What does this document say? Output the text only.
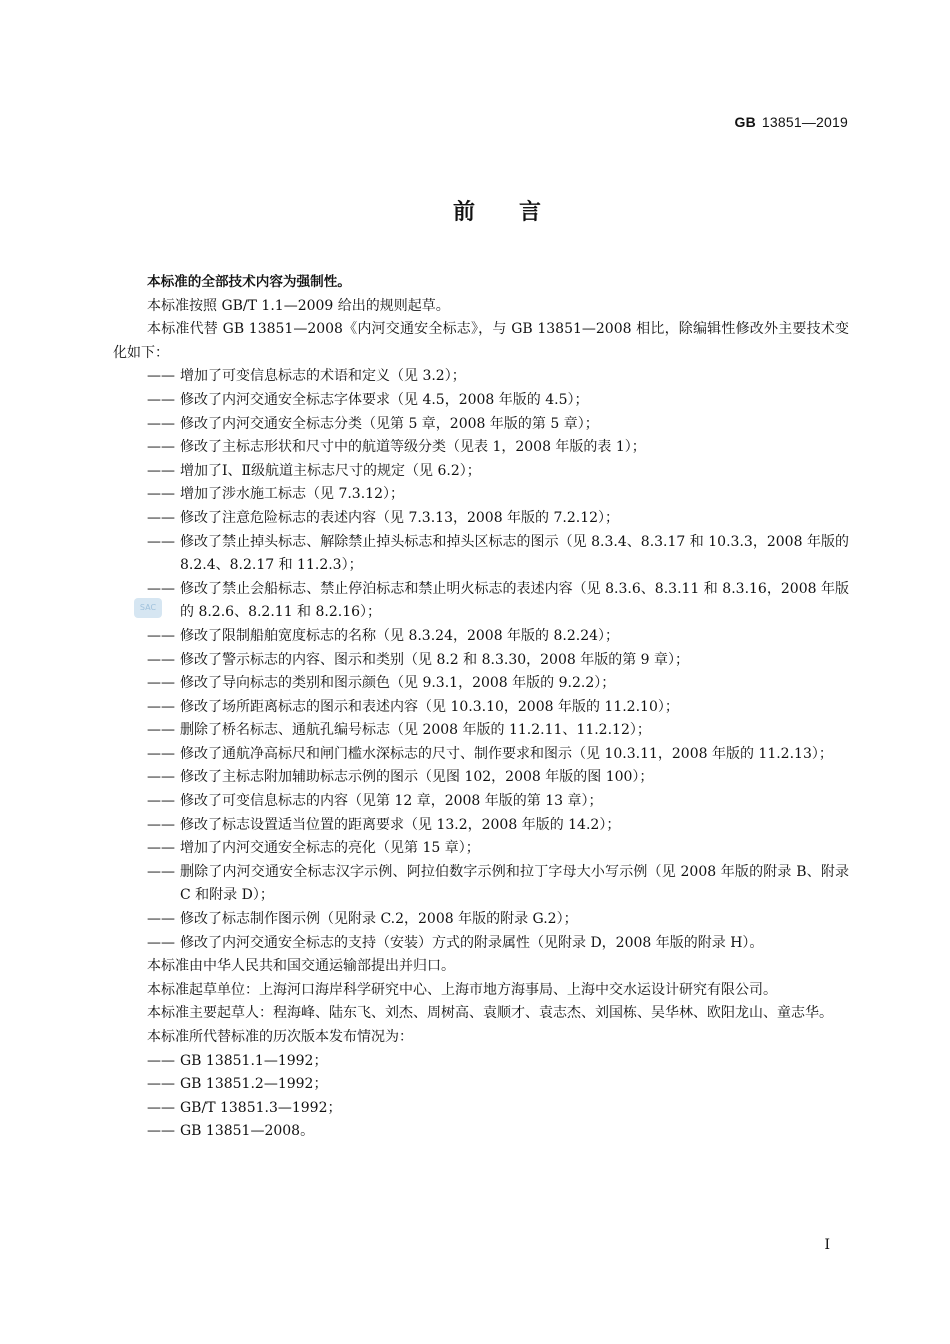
GB 13851—2019
前言
SAC

本标准的全部技术内容为强制性。

本标准按照 GB/T 1.1—2009 给出的规则起草。

本标准代替 GB 13851—2008《内河交通安全标志》，与 GB 13851—2008 相比，除编辑性修改外主要技术变化如下：

—— 增加了可变信息标志的术语和定义（见 3.2）；

—— 修改了内河交通安全标志字体要求（见 4.5，2008 年版的 4.5）；

—— 修改了内河交通安全标志分类（见第 5 章，2008 年版的第 5 章）；

—— 修改了主标志形状和尺寸中的航道等级分类（见表 1，2008 年版的表 1）；

—— 增加了Ⅰ、Ⅱ级航道主标志尺寸的规定（见 6.2）；

—— 增加了涉水施工标志（见 7.3.12）；

—— 修改了注意危险标志的表述内容（见 7.3.13，2008 年版的 7.2.12）；

—— 修改了禁止掉头标志、解除禁止掉头标志和掉头区标志的图示（见 8.3.4、8.3.17 和 10.3.3，2008 年版的 8.2.4、8.2.17 和 11.2.3）；

—— 修改了禁止会船标志、禁止停泊标志和禁止明火标志的表述内容（见 8.3.6、8.3.11 和 8.3.16，2008 年版的 8.2.6、8.2.11 和 8.2.16）；

—— 修改了限制船舶宽度标志的名称（见 8.3.24，2008 年版的 8.2.24）；

—— 修改了警示标志的内容、图示和类别（见 8.2 和 8.3.30，2008 年版的第 9 章）；

—— 修改了导向标志的类别和图示颜色（见 9.3.1，2008 年版的 9.2.2）；

—— 修改了场所距离标志的图示和表述内容（见 10.3.10，2008 年版的 11.2.10）；

—— 删除了桥名标志、通航孔编号标志（见 2008 年版的 11.2.11、11.2.12）；

—— 修改了通航净高标尺和闸门槛水深标志的尺寸、制作要求和图示（见 10.3.11，2008 年版的 11.2.13）；

—— 修改了主标志附加辅助标志示例的图示（见图 102，2008 年版的图 100）；

—— 修改了可变信息标志的内容（见第 12 章，2008 年版的第 13 章）；

—— 修改了标志设置适当位置的距离要求（见 13.2，2008 年版的 14.2）；

—— 增加了内河交通安全标志的亮化（见第 15 章）；

—— 删除了内河交通安全标志汉字示例、阿拉伯数字示例和拉丁字母大小写示例（见 2008 年版的附录 B、附录 C 和附录 D）；

—— 修改了标志制作图示例（见附录 C.2，2008 年版的附录 G.2）；

—— 修改了内河交通安全标志的支持（安装）方式的附录属性（见附录 D，2008 年版的附录 H）。

本标准由中华人民共和国交通运输部提出并归口。

本标准起草单位：上海河口海岸科学研究中心、上海市地方海事局、上海中交水运设计研究有限公司。

本标准主要起草人：程海峰、陆东飞、刘杰、周树高、袁顺才、袁志杰、刘国栋、吴华林、欧阳龙山、童志华。

本标准所代替标准的历次版本发布情况为：

—— GB 13851.1—1992；

—— GB 13851.2—1992；

—— GB/T 13851.3—1992；

—— GB 13851—2008。

Ⅰ
